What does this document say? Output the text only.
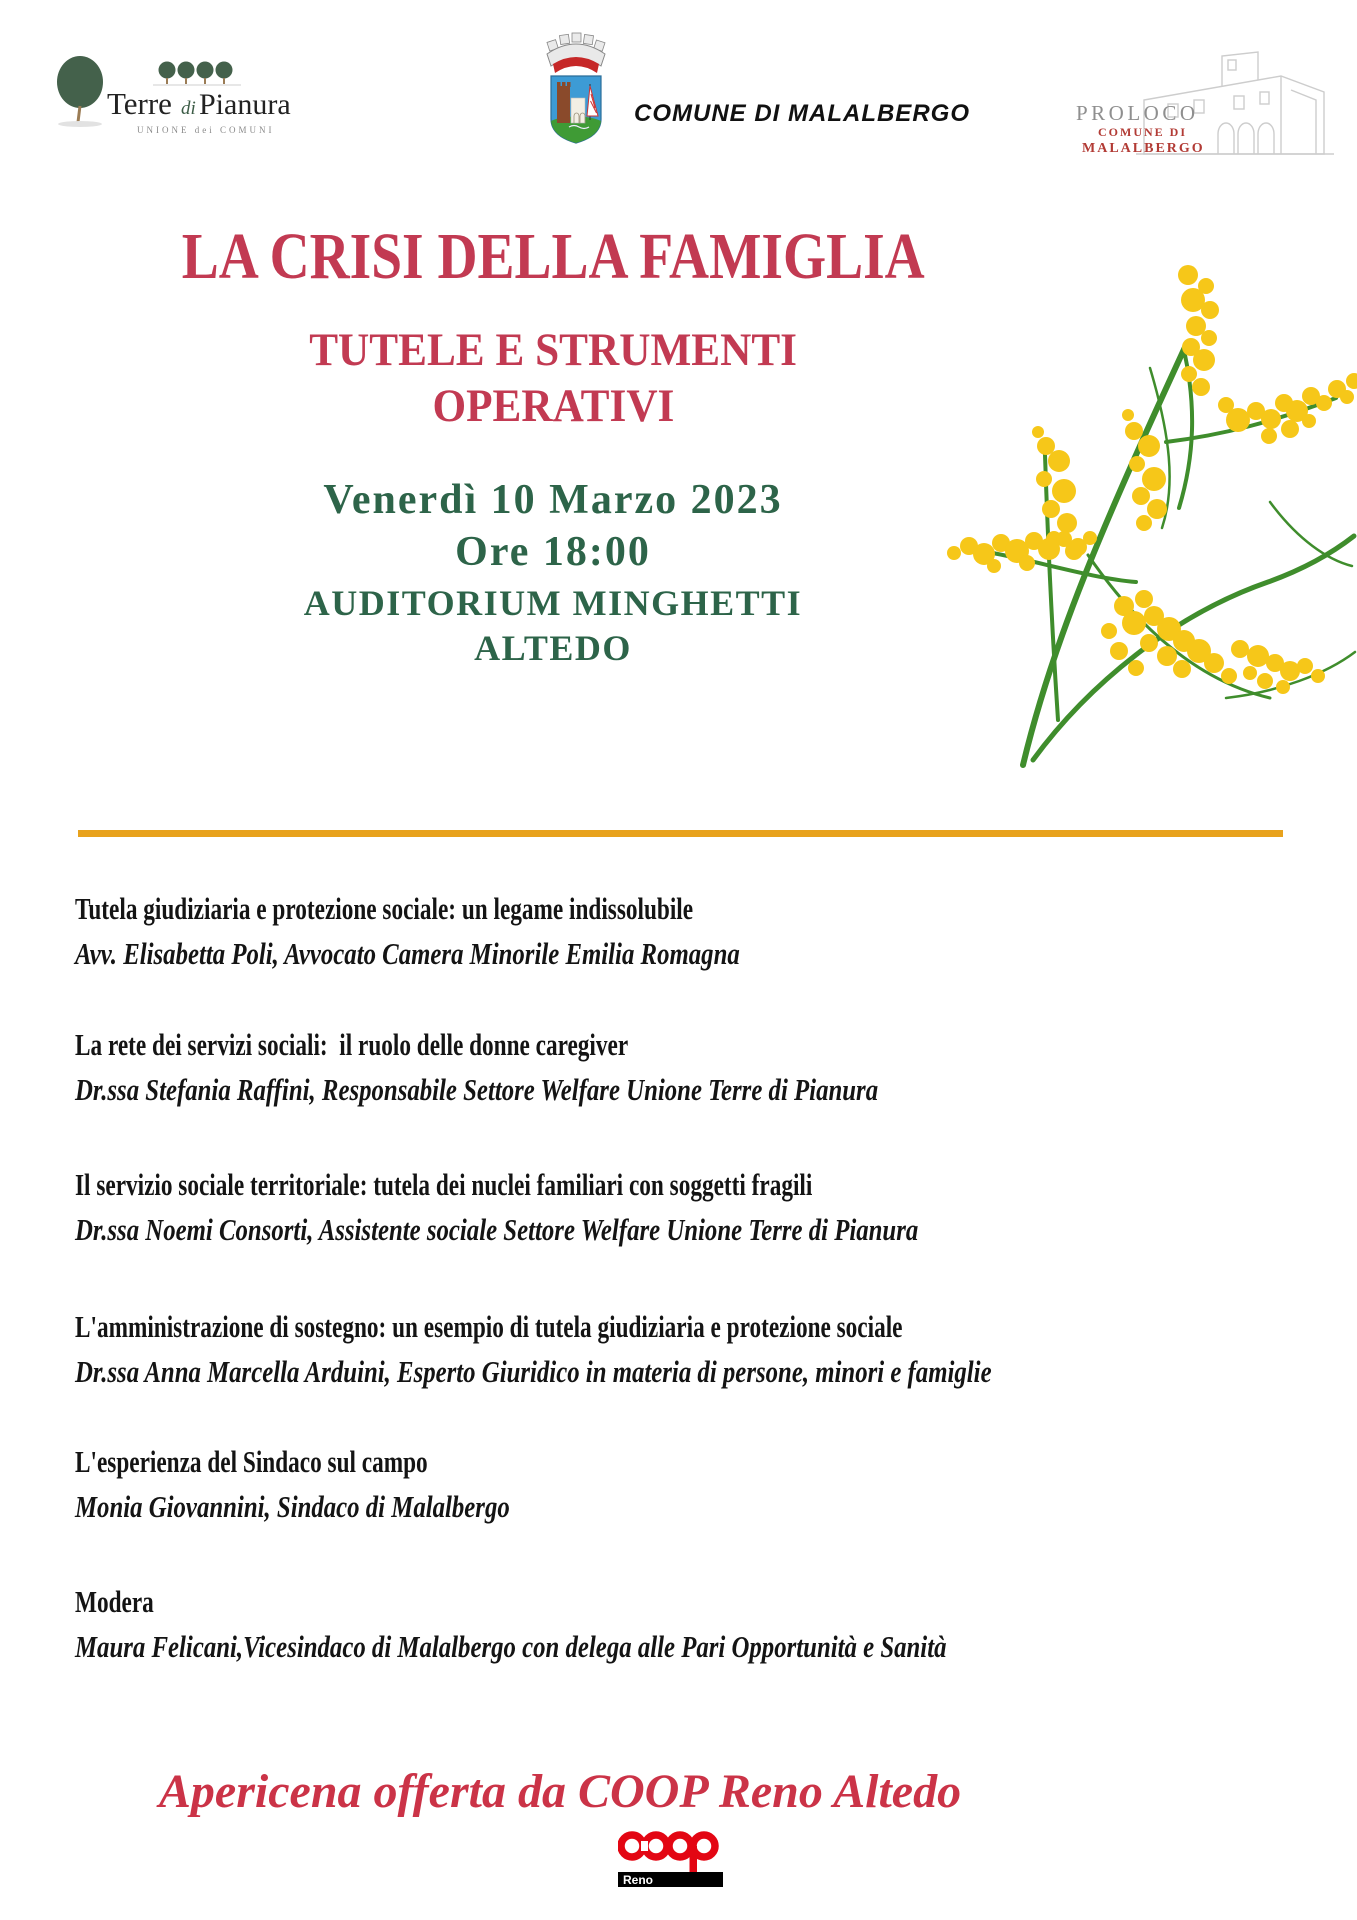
Terre di Pianura
UNIONE dei COMUNI
COMUNE DI MALALBERGO	PROLOCO
COMUNE DI
MALALBERGO
LA CRISI DELLA FAMIGLIA
TUTELE E STRUMENTI
OPERATIVI
Venerdì 10 Marzo 2023
Ore 18:00
AUDITORIUM MINGHETTI
ALTEDO
Tutela giudiziaria e protezione sociale: un legame indissolubile
Avv. Elisabetta Poli, Avvocato Camera Minorile Emilia Romagna
La rete dei servizi sociali:  il ruolo delle donne caregiver
Dr.ssa Stefania Raffini, Responsabile Settore Welfare Unione Terre di Pianura
Il servizio sociale territoriale: tutela dei nuclei familiari con soggetti fragili
Dr.ssa Noemi Consorti, Assistente sociale Settore Welfare Unione Terre di Pianura
L'amministrazione di sostegno: un esempio di tutela giudiziaria e protezione sociale
Dr.ssa Anna Marcella Arduini, Esperto Giuridico in materia di persone, minori e famiglie
L'esperienza del Sindaco sul campo
Monia Giovannini, Sindaco di Malalbergo
Modera
Maura Felicani,Vicesindaco di Malalbergo con delega alle Pari Opportunità e Sanità
Apericena offerta da COOP Reno Altedo
Reno
